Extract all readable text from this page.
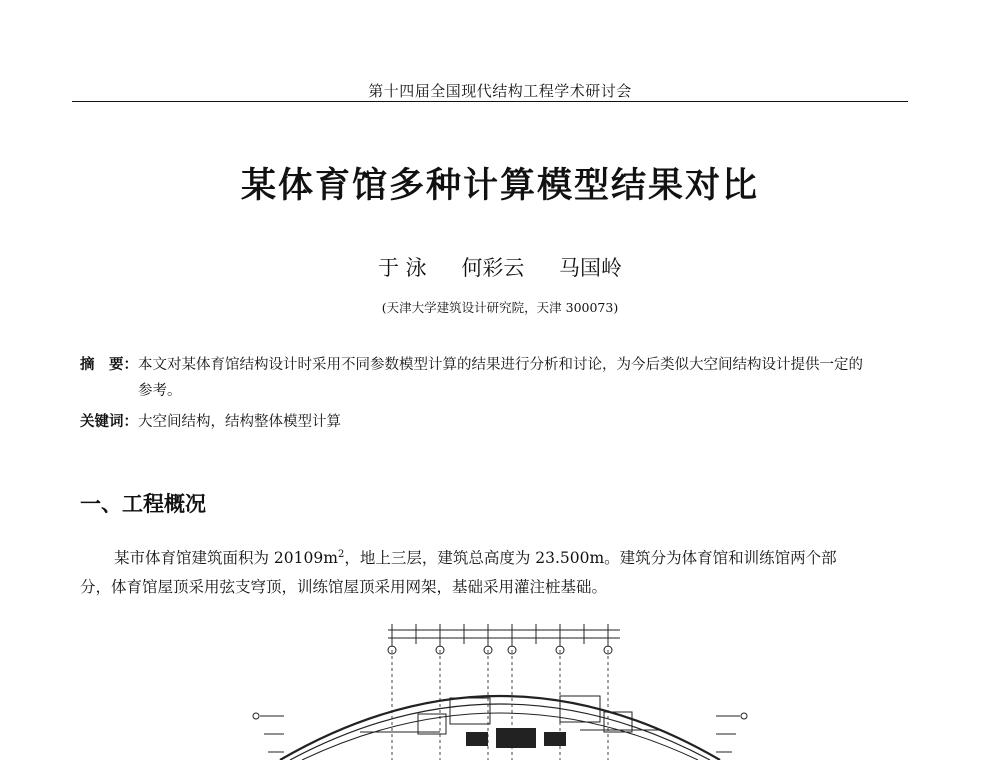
第十四届全国现代结构工程学术研讨会
某体育馆多种计算模型结果对比
于 泳 何彩云 马国岭
(天津大学建筑设计研究院，天津 300073)
摘　要：本文对某体育馆结构设计时采用不同参数模型计算的结果进行分析和讨论，为今后类似大空间结构设计提供一定的
参考。
关键词：大空间结构，结构整体模型计算
一、工程概况
某市体育馆建筑面积为 $20109m^2$，地上三层，建筑总高度为 23.500m。建筑分为体育馆和训练馆两个部
分，体育馆屋顶采用弦支穹顶，训练馆屋顶采用网架，基础采用灌注桩基础。
